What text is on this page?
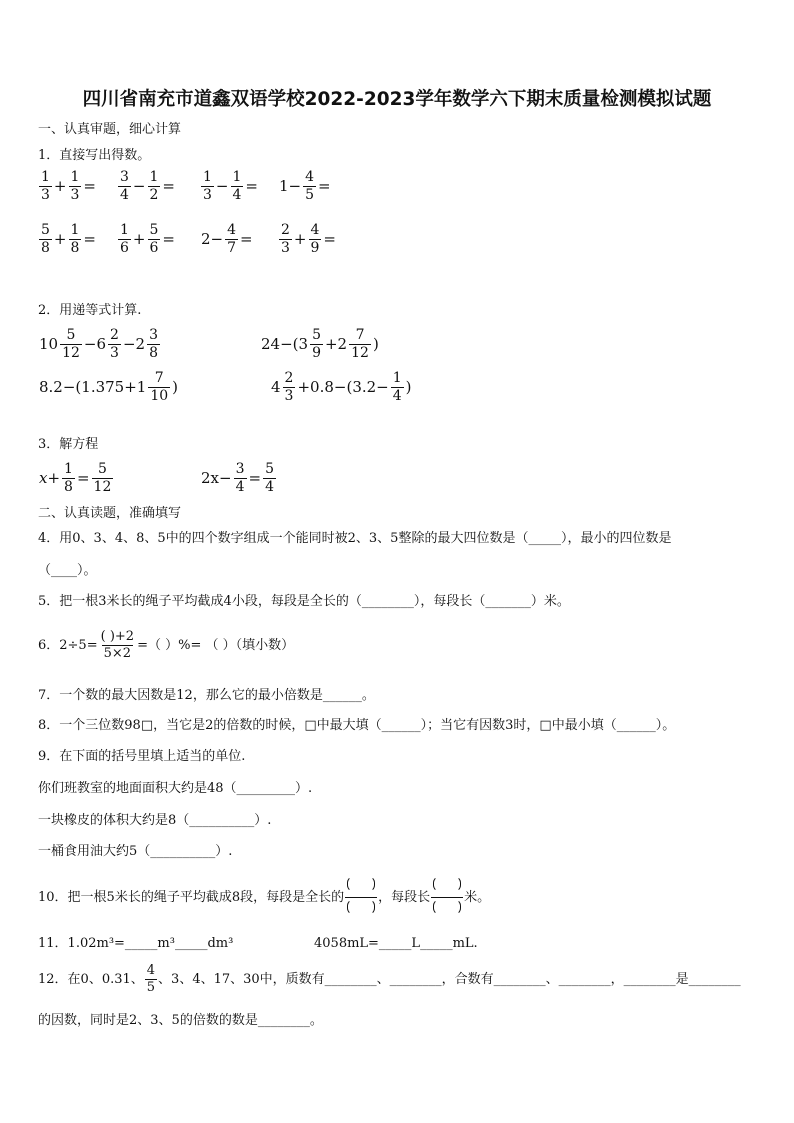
四川省南充市道鑫双语学校2022-2023学年数学六下期末质量检测模拟试题
一、认真审题，细心计算
1．直接写出得数。
$\frac{1}{3} + \frac{1}{3} = \frac{3}{4} - \frac{1}{2} = \frac{1}{3} - \frac{1}{4} = 1- \frac{4}{5}$ =
$\frac{5}{8} + \frac{1}{8} = \frac{1}{6} + \frac{5}{6} = 2- \frac{4}{7} = \frac{2}{3} + \frac{4}{9}$ =
2．用递等式计算.
$10 \frac{5}{12} -6 \frac{2}{3} -2 \frac{3}{8}$	$24-(3 \frac{5}{9} +2 \frac{7}{12}$ )
$8.2-(1.375+1 \frac{7}{10}$ )	$4 \frac{2}{3} +0.8-(3.2- \frac{1}{4}$ )
3．解方程
$x+ \frac{1}{8} = \frac{5}{12}$	$2x- \frac{3}{4} = \frac{5}{4}$
二、认真读题，准确填写
4．用0、3、4、8、5中的四个数字组成一个能同时被2、3、5整除的最大四位数是（_____），最小的四位数是
（____）。
5．把一根3米长的绳子平均截成4小段，每段是全长的（________），每段长（_______）米。
6．$2\div 5= \frac{( )+2}{5\times 2}$ =（ ）%= （ ）（填小数）
7．一个数的最大因数是12，那么它的最小倍数是______。
8．一个三位数98□，当它是2的倍数的时候，□中最大填（______）；当它有因数3时，□中最小填（______）。
9．在下面的括号里填上适当的单位.
你们班教室的地面面积大约是48（_________）.
一块橡皮的体积大约是8（__________）.
一桶食用油大约5（__________）.
10．把一根5米长的绳子平均截成8段，每段是全长的	，每段长	米。
11．1.02m³=_____m³_____dm³	4058mL=_____L_____mL.
12．在0、0.31、 $\frac{4}{5}$ 、3、4、17、30中，质数有________、________，合数有________、________，________是________
的因数，同时是2、3、5的倍数的数是________。
